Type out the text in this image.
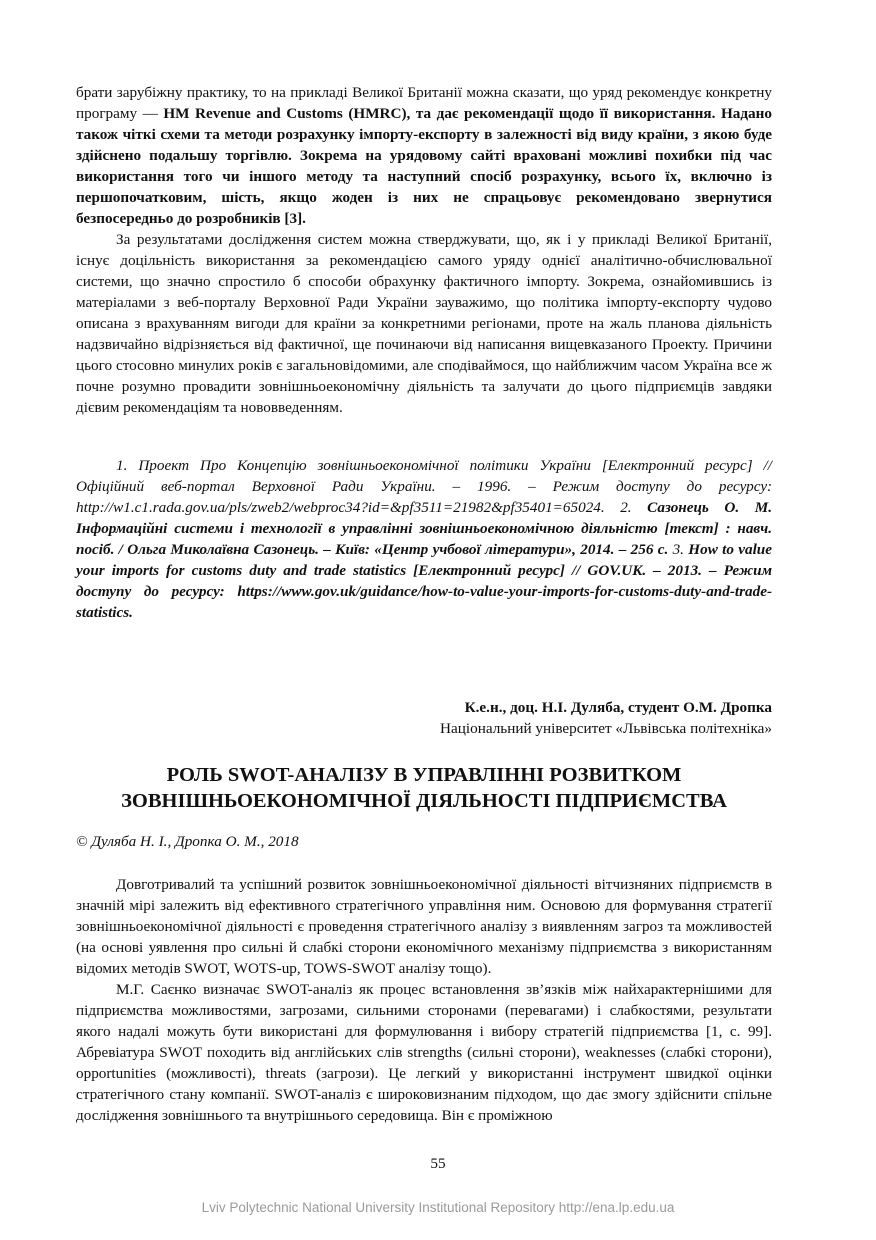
брати зарубіжну практику, то на прикладі Великої Британії можна сказати, що уряд рекомендує конкретну програму — HM Revenue and Customs (HMRC), та дає рекомендації щодо її використання. Надано також чіткі схеми та методи розрахунку імпорту-експорту в залежності від виду країни, з якою буде здійснено подальшу торгівлю. Зокрема на урядовому сайті враховані можливі похибки під час використання того чи іншого методу та наступний спосіб розрахунку, всього їх, включно із першопочатковим, шість, якщо жоден із них не спрацьовує рекомендовано звернутися безпосередньо до розробників [3].

За результатами дослідження систем можна стверджувати, що, як і у прикладі Великої Британії, існує доцільність використання за рекомендацією самого уряду однієї аналітично-обчислювальної системи, що значно спростило б способи обрахунку фактичного імпорту. Зокрема, ознайомившись із матеріалами з веб-порталу Верховної Ради України зауважимо, що політика імпорту-експорту чудово описана з врахуванням вигоди для країни за конкретними регіонами, проте на жаль планова діяльність надзвичайно відрізняється від фактичної, ще починаючи від написання вищевказаного Проекту. Причини цього стосовно минулих років є загальновідомими, але сподіваймося, що найближчим часом Україна все ж почне розумно провадити зовнішньоекономічну діяльність та залучати до цього підприємців завдяки дієвим рекомендаціям та нововведенням.

1. Проект Про Концепцію зовнішньоекономічної політики України [Електронний ресурс] // Офіційний веб-портал Верховної Ради України. – 1996. – Режим доступу до ресурсу: http://w1.c1.rada.gov.ua/pls/zweb2/webproc34?id=&pf3511=21982&pf35401=65024. 2. Сазонець О. М. Інформаційні системи і технології в управлінні зовнішньоекономічною діяльністю [текст] : навч. посіб. / Ольга Миколаївна Сазонець. – Київ: «Центр учбової літератури», 2014. – 256 с. 3. How to value your imports for customs duty and trade statistics [Електронний ресурс] // GOV.UK. – 2013. – Режим доступу до ресурсу: https://www.gov.uk/guidance/how-to-value-your-imports-for-customs-duty-and-trade-statistics.

К.е.н., доц. Н.І. Дуляба, студент О.М. Дропка
Національний університет «Львівська політехніка»
РОЛЬ SWOT-АНАЛІЗУ В УПРАВЛІННІ РОЗВИТКОМ
ЗОВНІШНЬОЕКОНОМІЧНОЇ ДІЯЛЬНОСТІ ПІДПРИЄМСТВА
© Дуляба Н. І., Дропка О. М., 2018

Довготривалий та успішний розвиток зовнішньоекономічної діяльності вітчизняних підприємств в значній мірі залежить від ефективного стратегічного управління ним. Основою для формування стратегії зовнішньоекономічної діяльності є проведення стратегічного аналізу з виявленням загроз та можливостей (на основі уявлення про сильні й слабкі сторони економічного механізму підприємства з використанням відомих методів SWOT, WOTS-up, TOWS-SWOT аналізу тощо).

М.Г. Саєнко визначає SWOT-аналіз як процес встановлення зв’язків між найхарактернішими для підприємства можливостями, загрозами, сильними сторонами (перевагами) і слабкостями, результати якого надалі можуть бути використані для формулювання і вибору стратегій підприємства [1, с. 99]. Абревіатура SWOT походить від англійських слів strengths (сильні сторони), weaknesses (слабкі сторони), opportunities (можливості), threats (загрози). Це легкий у використанні інструмент швидкої оцінки стратегічного стану компанії. SWOT-аналіз є широковизнаним підходом, що дає змогу здійснити спільне дослідження зовнішнього та внутрішнього середовища. Він є проміжною

55
Lviv Polytechnic National University Institutional Repository http://ena.lp.edu.ua
